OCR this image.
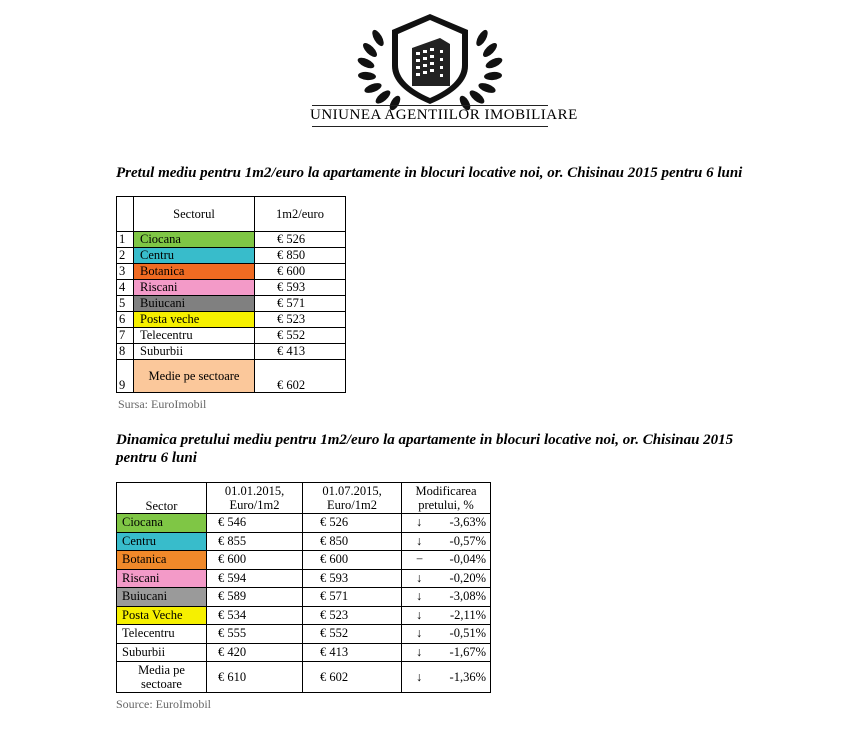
UNIUNEA AGENTIILOR IMOBILIARE
Pretul mediu pentru 1m2/euro la apartamente in blocuri locative noi, or. Chisinau 2015 pentru 6 luni
	Sectorul	1m2/euro
1	Ciocana	€ 526
2	Centru	€ 850
3	Botanica	€ 600
4	Riscani	€ 593
5	Buiucani	€ 571
6	Posta veche	€ 523
7	Telecentru	€ 552
8	Suburbii	€ 413
9	Medie pe sectoare	€ 602
Sursa: EuroImobil
Dinamica pretului mediu pentru 1m2/euro la apartamente in blocuri locative noi, or. Chisinau 2015 pentru 6 luni
Sector	01.01.2015, Euro/1m2	01.07.2015, Euro/1m2	Modificarea pretului, %
Ciocana	€ 546	€ 526	↓ -3,63%
Centru	€ 855	€ 850	↓ -0,57%
Botanica	€ 600	€ 600	− -0,04%
Riscani	€ 594	€ 593	↓ -0,20%
Buiucani	€ 589	€ 571	↓ -3,08%
Posta Veche	€ 534	€ 523	↓ -2,11%
Telecentru	€ 555	€ 552	↓ -0,51%
Suburbii	€ 420	€ 413	↓ -1,67%
Media pe sectoare	€ 610	€ 602	↓ -1,36%
Source: EuroImobil
